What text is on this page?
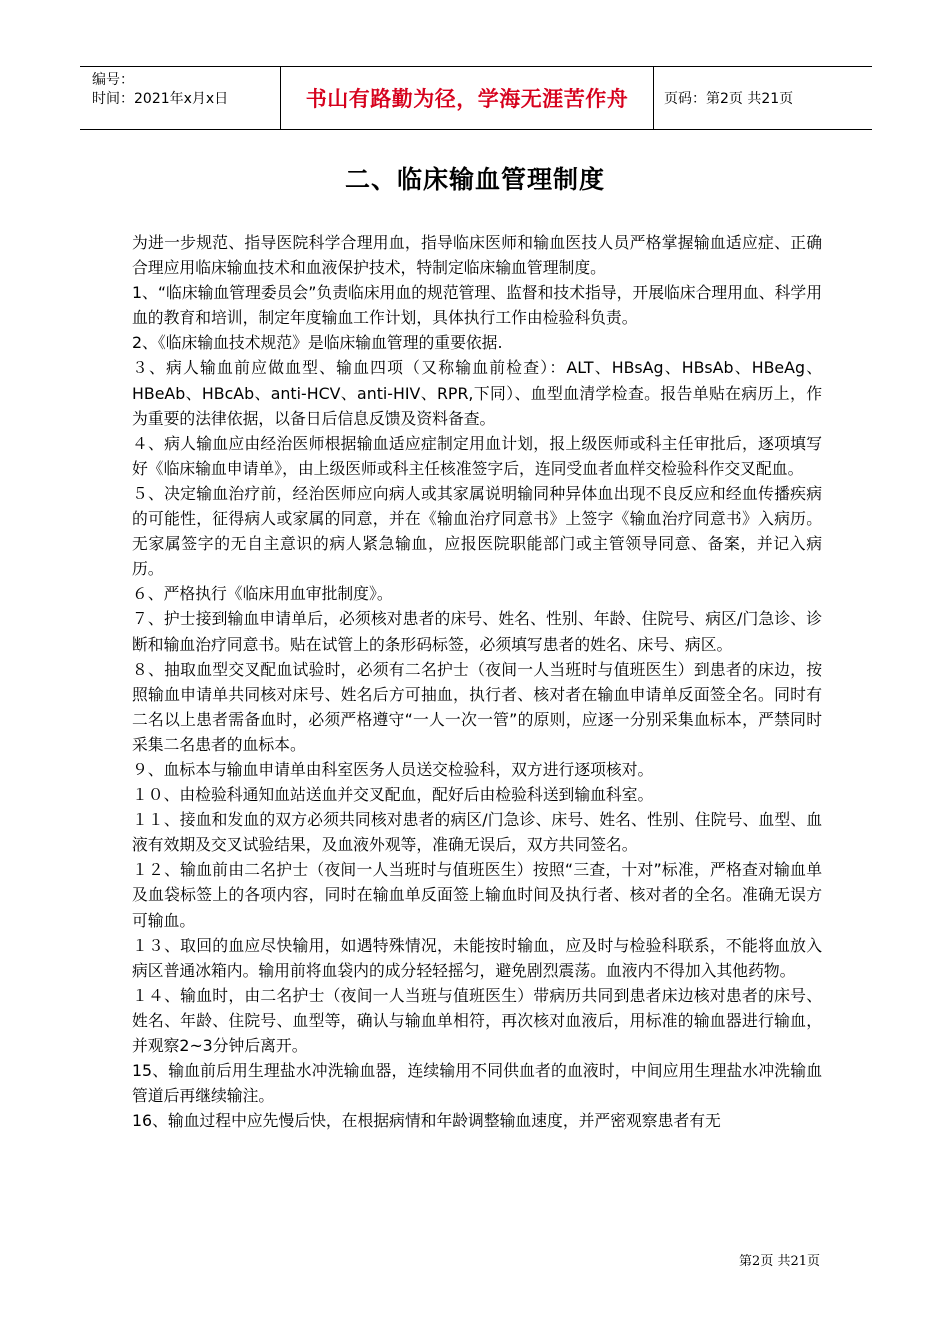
编号：
时间：2021年x月x日	书山有路勤为径，学海无涯苦作舟	页码：第2页 共21页
二、临床输血管理制度

为进一步规范、指导医院科学合理用血，指导临床医师和输血医技人员严格掌握输血适应症、正确合理应用临床输血技术和血液保护技术，特制定临床输血管理制度。

1、“临床输血管理委员会”负责临床用血的规范管理、监督和技术指导，开展临床合理用血、科学用血的教育和培训，制定年度输血工作计划，具体执行工作由检验科负责。

2、《临床输血技术规范》是临床输血管理的重要依据.

３、病人输血前应做血型、输血四项（又称输血前检查）：ALT、HBsAg、HBsAb、HBeAg、HBeAb、HBcAb、anti-HCV、anti-HIV、RPR,下同）、血型血清学检查。报告单贴在病历上，作为重要的法律依据，以备日后信息反馈及资料备查。

４、病人输血应由经治医师根据输血适应症制定用血计划，报上级医师或科主任审批后，逐项填写好《临床输血申请单》，由上级医师或科主任核准签字后，连同受血者血样交检验科作交叉配血。

５、决定输血治疗前，经治医师应向病人或其家属说明输同种异体血出现不良反应和经血传播疾病的可能性，征得病人或家属的同意，并在《输血治疗同意书》上签字《输血治疗同意书》入病历。无家属签字的无自主意识的病人紧急输血，应报医院职能部门或主管领导同意、备案，并记入病历。

６、严格执行《临床用血审批制度》。

７、护士接到输血申请单后，必须核对患者的床号、姓名、性别、年龄、住院号、病区/门急诊、诊断和输血治疗同意书。贴在试管上的条形码标签，必须填写患者的姓名、床号、病区。

８、抽取血型交叉配血试验时，必须有二名护士（夜间一人当班时与值班医生）到患者的床边，按照输血申请单共同核对床号、姓名后方可抽血，执行者、核对者在输血申请单反面签全名。同时有二名以上患者需备血时，必须严格遵守“一人一次一管”的原则，应逐一分别采集血标本，严禁同时采集二名患者的血标本。

９、血标本与输血申请单由科室医务人员送交检验科，双方进行逐项核对。

１０、由检验科通知血站送血并交叉配血，配好后由检验科送到输血科室。

１１、接血和发血的双方必须共同核对患者的病区/门急诊、床号、姓名、性别、住院号、血型、血液有效期及交叉试验结果，及血液外观等，准确无误后，双方共同签名。

１２、输血前由二名护士（夜间一人当班时与值班医生）按照“三查，十对”标准，严格查对输血单及血袋标签上的各项内容，同时在输血单反面签上输血时间及执行者、核对者的全名。准确无误方可输血。

１３、取回的血应尽快输用，如遇特殊情况，未能按时输血，应及时与检验科联系，不能将血放入病区普通冰箱内。输用前将血袋内的成分轻轻摇匀，避免剧烈震荡。血液内不得加入其他药物。

１４、输血时，由二名护士（夜间一人当班与值班医生）带病历共同到患者床边核对患者的床号、姓名、年龄、住院号、血型等，确认与输血单相符，再次核对血液后，用标准的输血器进行输血，并观察2~3分钟后离开。

15、输血前后用生理盐水冲洗输血器，连续输用不同供血者的血液时，中间应用生理盐水冲洗输血管道后再继续输注。

16、输血过程中应先慢后快，在根据病情和年龄调整输血速度，并严密观察患者有无

第2页 共21页
